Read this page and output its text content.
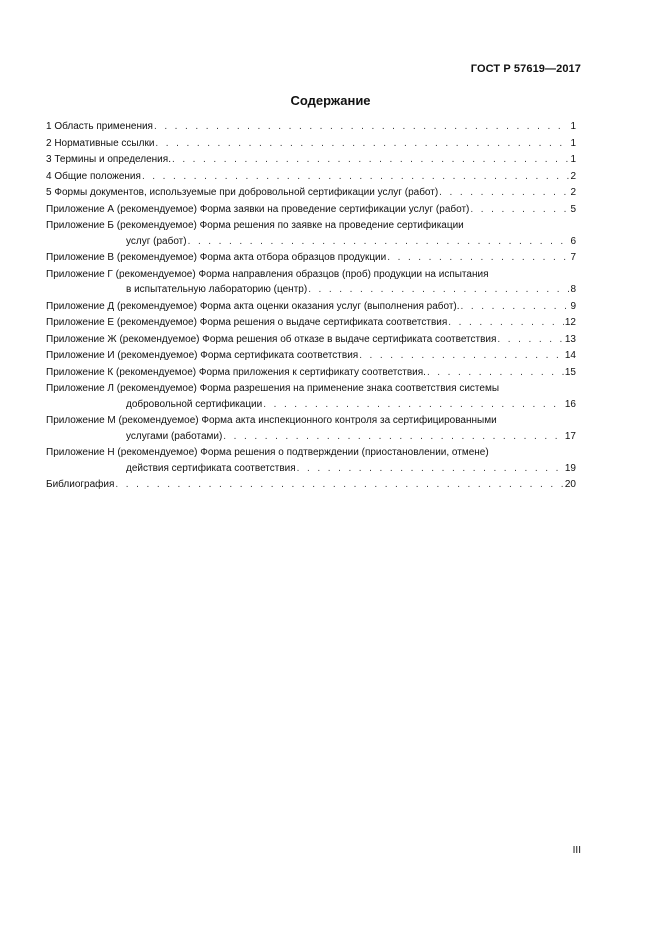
ГОСТ Р 57619—2017
Содержание
1 Область применения . . .	1
2 Нормативные ссылки . . .	1
3 Термины и определения. . . .	1
4 Общие положения . . .	2
5 Формы документов, используемые при добровольной сертификации услуг (работ) . . .	2
Приложение А (рекомендуемое) Форма заявки на проведение сертификации услуг (работ) . . .	5
Приложение Б (рекомендуемое) Форма решения по заявке на проведение сертификации
услуг (работ) . . .	6
Приложение В (рекомендуемое) Форма акта отбора образцов продукции . . .	7
Приложение Г (рекомендуемое) Форма направления образцов (проб) продукции на испытания
в испытательную лабораторию (центр) . . .	8
Приложение Д (рекомендуемое) Форма акта оценки оказания услуг (выполнения работ). . . .	9
Приложение Е (рекомендуемое) Форма решения о выдаче сертификата соответствия . . .	12
Приложение Ж (рекомендуемое) Форма решения об отказе в выдаче сертификата соответствия . . .	13
Приложение И (рекомендуемое) Форма сертификата соответствия . . .	14
Приложение К (рекомендуемое) Форма приложения к сертификату соответствия. . . .	15
Приложение Л (рекомендуемое) Форма разрешения на применение знака соответствия системы
добровольной сертификации . . .	16
Приложение М (рекомендуемое) Форма акта инспекционного контроля за сертифицированными
услугами (работами) . . .	17
Приложение Н (рекомендуемое) Форма решения о подтверждении (приостановлении, отмене)
действия сертификата соответствия . . .	19
Библиография . . .	20
III
